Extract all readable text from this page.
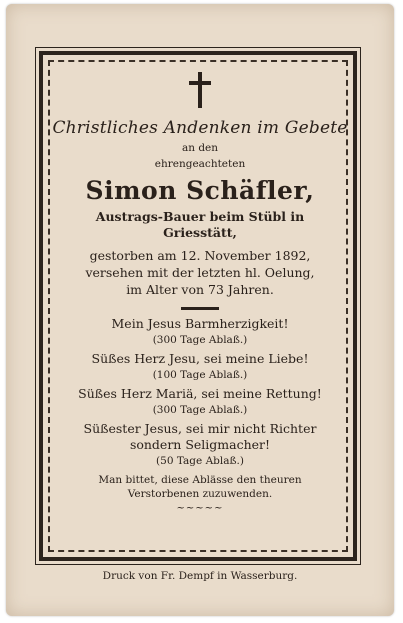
Christliches Andenken im Gebete
an den
ehrengeachteten
Simon Schäfler,
Austrags-Bauer beim Stübl in
Griesstätt,
gestorben am 12. November 1892,
versehen mit der letzten hl. Oelung,
im Alter von 73 Jahren.
Mein Jesus Barmherzigkeit!
(300 Tage Ablaß.)
Süßes Herz Jesu, sei meine Liebe!
(100 Tage Ablaß.)
Süßes Herz Mariä, sei meine Rettung!
(300 Tage Ablaß.)
Süßester Jesus, sei mir nicht Richter
sondern Seligmacher!
(50 Tage Ablaß.)
Man bittet, diese Ablässe den theuren
Verstorbenen zuzuwenden.
~~~~~
Druck von Fr. Dempf in Wasserburg.
